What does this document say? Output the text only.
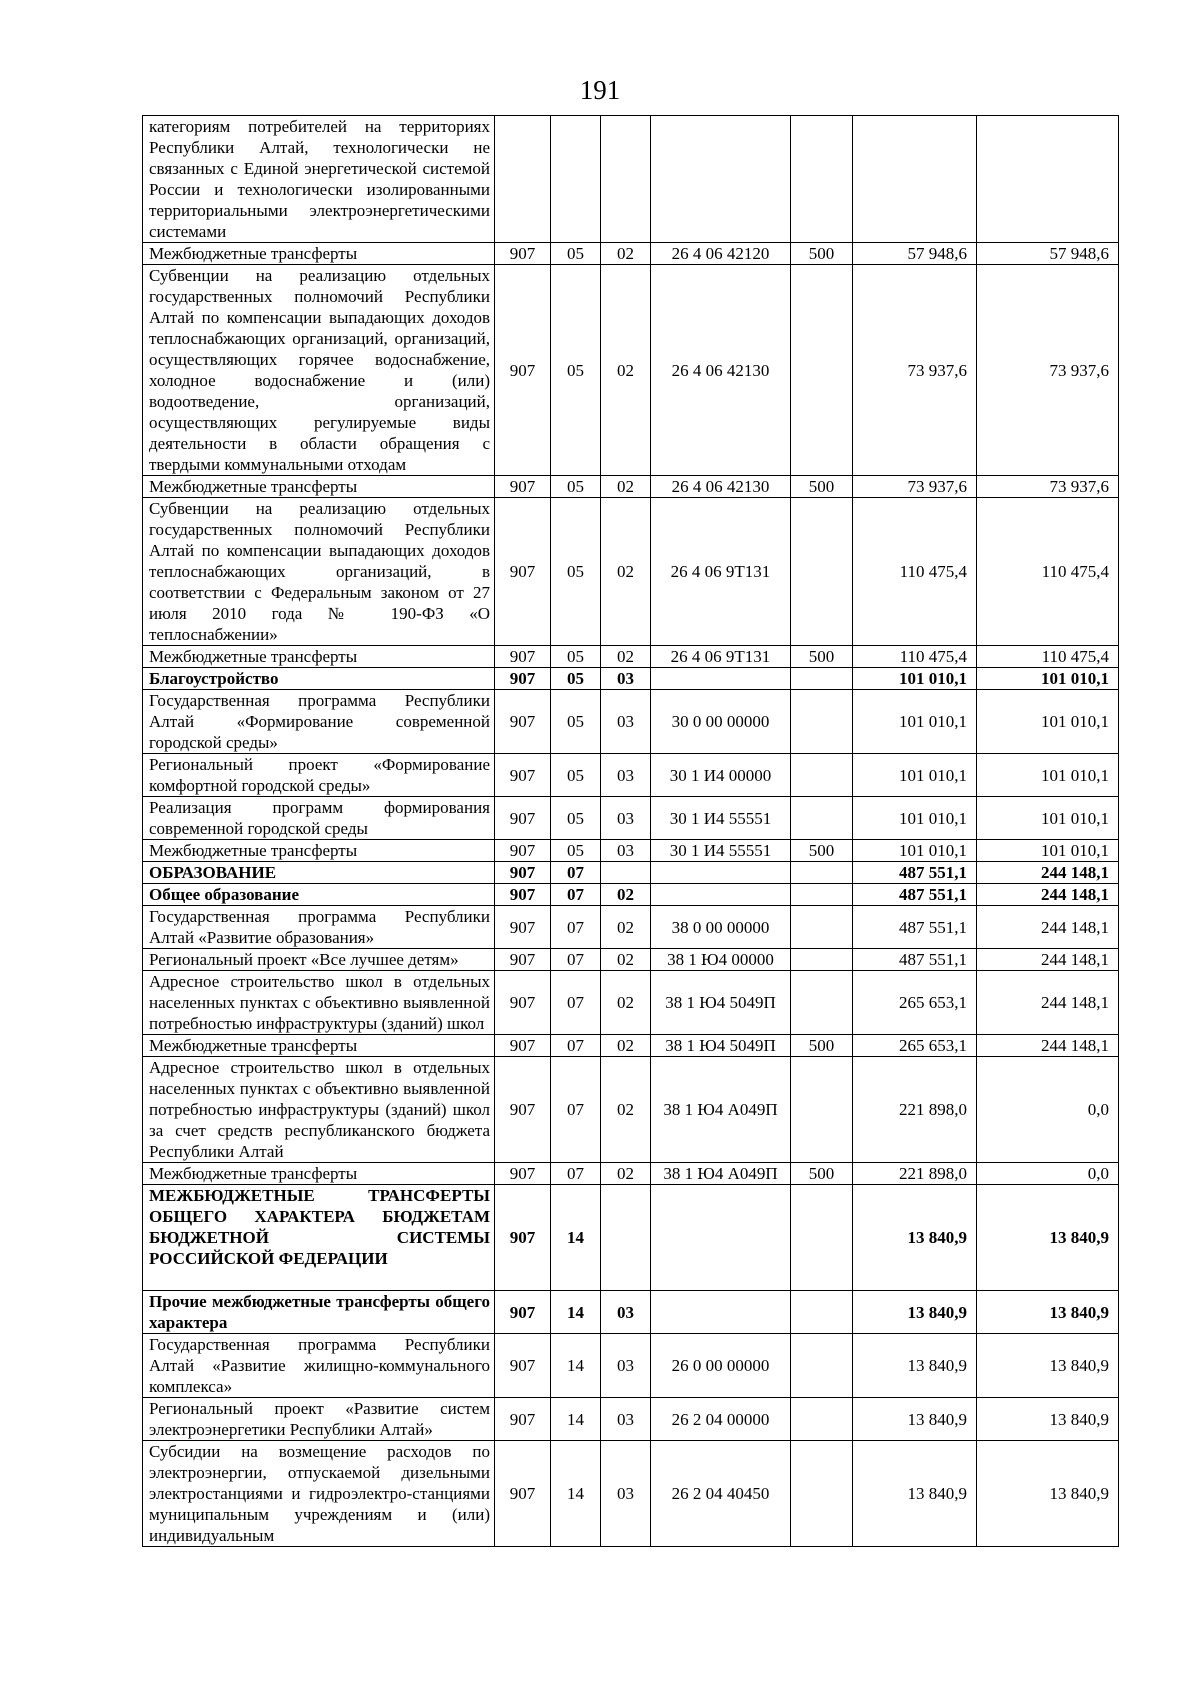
191
категориям потребителей на территориях Республики Алтай, технологически не связанных с Единой энергетической системой России и технологически изолированными территориальными электроэнергетическими системами							
Межбюджетные трансферты	907	05	02	26 4 06 42120	500	57 948,6	57 948,6
Субвенции на реализацию отдельных государственных полномочий Республики Алтай по компенсации выпадающих доходов теплоснабжающих организаций, организаций, осуществляющих горячее водоснабжение, холодное водоснабжение и (или) водоотведение, организаций, осуществляющих регулируемые виды деятельности в области обращения с твердыми коммунальными отходам	907	05	02	26 4 06 42130		73 937,6	73 937,6
Межбюджетные трансферты	907	05	02	26 4 06 42130	500	73 937,6	73 937,6
Субвенции на реализацию отдельных государственных полномочий Республики Алтай по компенсации выпадающих доходов теплоснабжающих организаций, в соответствии с Федеральным законом от 27 июля 2010 года № 190-ФЗ «О теплоснабжении»	907	05	02	26 4 06 9Т131		110 475,4	110 475,4
Межбюджетные трансферты	907	05	02	26 4 06 9Т131	500	110 475,4	110 475,4
Благоустройство	907	05	03			101 010,1	101 010,1
Государственная программа Республики Алтай «Формирование современной городской среды»	907	05	03	30 0 00 00000		101 010,1	101 010,1
Региональный проект «Формирование комфортной городской среды»	907	05	03	30 1 И4 00000		101 010,1	101 010,1
Реализация программ формирования современной городской среды	907	05	03	30 1 И4 55551		101 010,1	101 010,1
Межбюджетные трансферты	907	05	03	30 1 И4 55551	500	101 010,1	101 010,1
ОБРАЗОВАНИЕ	907	07				487 551,1	244 148,1
Общее образование	907	07	02			487 551,1	244 148,1
Государственная программа Республики Алтай «Развитие образования»	907	07	02	38 0 00 00000		487 551,1	244 148,1
Региональный проект «Все лучшее детям»	907	07	02	38 1 Ю4 00000		487 551,1	244 148,1
Адресное строительство школ в отдельных населенных пунктах с объективно выявленной потребностью инфраструктуры (зданий) школ	907	07	02	38 1 Ю4 5049П		265 653,1	244 148,1
Межбюджетные трансферты	907	07	02	38 1 Ю4 5049П	500	265 653,1	244 148,1
Адресное строительство школ в отдельных населенных пунктах с объективно выявленной потребностью инфраструктуры (зданий) школ за счет средств республиканского бюджета Республики Алтай	907	07	02	38 1 Ю4 А049П		221 898,0	0,0
Межбюджетные трансферты	907	07	02	38 1 Ю4 А049П	500	221 898,0	0,0
МЕЖБЮДЖЕТНЫЕ ТРАНСФЕРТЫ ОБЩЕГО ХАРАКТЕРА БЮДЖЕТАМ БЮДЖЕТНОЙ СИСТЕМЫ РОССИЙСКОЙ ФЕДЕРАЦИИ	907	14				13 840,9	13 840,9
Прочие межбюджетные трансферты общего характера	907	14	03			13 840,9	13 840,9
Государственная программа Республики Алтай «Развитие жилищно-коммунального комплекса»	907	14	03	26 0 00 00000		13 840,9	13 840,9
Региональный проект «Развитие систем электроэнергетики Республики Алтай»	907	14	03	26 2 04 00000		13 840,9	13 840,9
Субсидии на возмещение расходов по электроэнергии, отпускаемой дизельными электростанциями и гидроэлектро-станциями муниципальным учреждениям и (или) индивидуальным	907	14	03	26 2 04 40450		13 840,9	13 840,9
